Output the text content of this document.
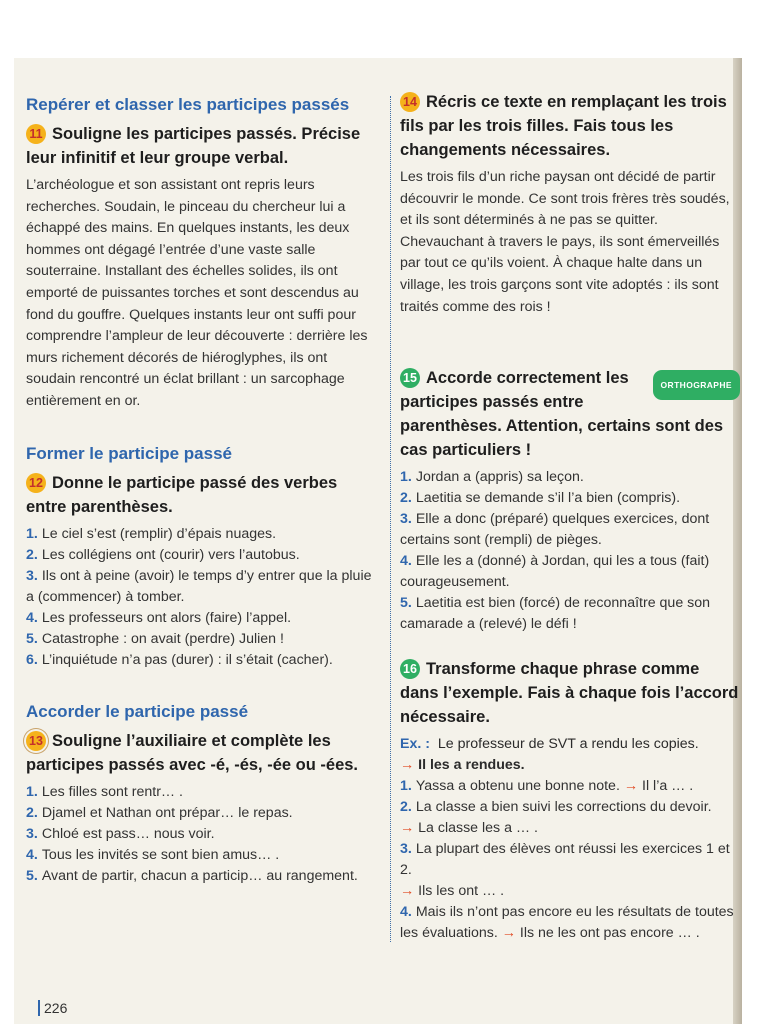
Repérer et classer les participes passés
11 Souligne les participes passés. Précise leur infinitif et leur groupe verbal.

L’archéologue et son assistant ont repris leurs recherches. Soudain, le pinceau du chercheur lui a échappé des mains. En quelques instants, les deux hommes ont dégagé l’entrée d’une vaste salle souterraine. Installant des échelles solides, ils ont emporté de puissantes torches et sont descendus au fond du gouffre. Quelques instants leur ont suffi pour comprendre l’ampleur de leur découverte : derrière les murs richement décorés de hiéroglyphes, ils ont soudain rencontré un éclat brillant : un sarcophage entièrement en or.

Former le participe passé
12 Donne le participe passé des verbes entre parenthèses.
1. Le ciel s’est (remplir) d’épais nuages.
2. Les collégiens ont (courir) vers l’autobus.
3. Ils ont à peine (avoir) le temps d’y entrer que la pluie a (commencer) à tomber.
4. Les professeurs ont alors (faire) l’appel.
5. Catastrophe : on avait (perdre) Julien !
6. L’inquiétude n’a pas (durer) : il s’était (cacher).
Accorder le participe passé
13 Souligne l’auxiliaire et complète les participes passés avec -é, -és, -ée ou -ées.
1. Les filles sont rentr… .
2. Djamel et Nathan ont prépar… le repas.
3. Chloé est pass… nous voir.
4. Tous les invités se sont bien amus… .
5. Avant de partir, chacun a particip… au rangement.
14 Récris ce texte en remplaçant les trois fils par les trois filles. Fais tous les changements nécessaires.

Les trois fils d’un riche paysan ont décidé de partir découvrir le monde. Ce sont trois frères très soudés, et ils sont déterminés à ne pas se quitter. Chevauchant à travers le pays, ils sont émerveillés par tout ce qu’ils voient. À chaque halte dans un village, les trois garçons sont vite adoptés : ils sont traités comme des rois !

ORTHOGRAPHE
15 Accorde correctement les participes passés entre parenthèses. Attention, certains sont des cas particuliers !
1. Jordan a (appris) sa leçon.
2. Laetitia se demande s’il l’a bien (compris).
3. Elle a donc (préparé) quelques exercices, dont certains sont (rempli) de pièges.
4. Elle les a (donné) à Jordan, qui les a tous (fait) courageusement.
5. Laetitia est bien (forcé) de reconnaître que son camarade a (relevé) le défi !
16 Transforme chaque phrase comme dans l’exemple. Fais à chaque fois l’accord nécessaire.
Ex. : Le professeur de SVT a rendu les copies.
→ Il les a rendues.
1. Yassa a obtenu une bonne note. → Il l’a … .
2. La classe a bien suivi les corrections du devoir.
→ La classe les a … .
3. La plupart des élèves ont réussi les exercices 1 et 2.
→ Ils les ont … .
4. Mais ils n’ont pas encore eu les résultats de toutes les évaluations. → Ils ne les ont pas encore … .
226
